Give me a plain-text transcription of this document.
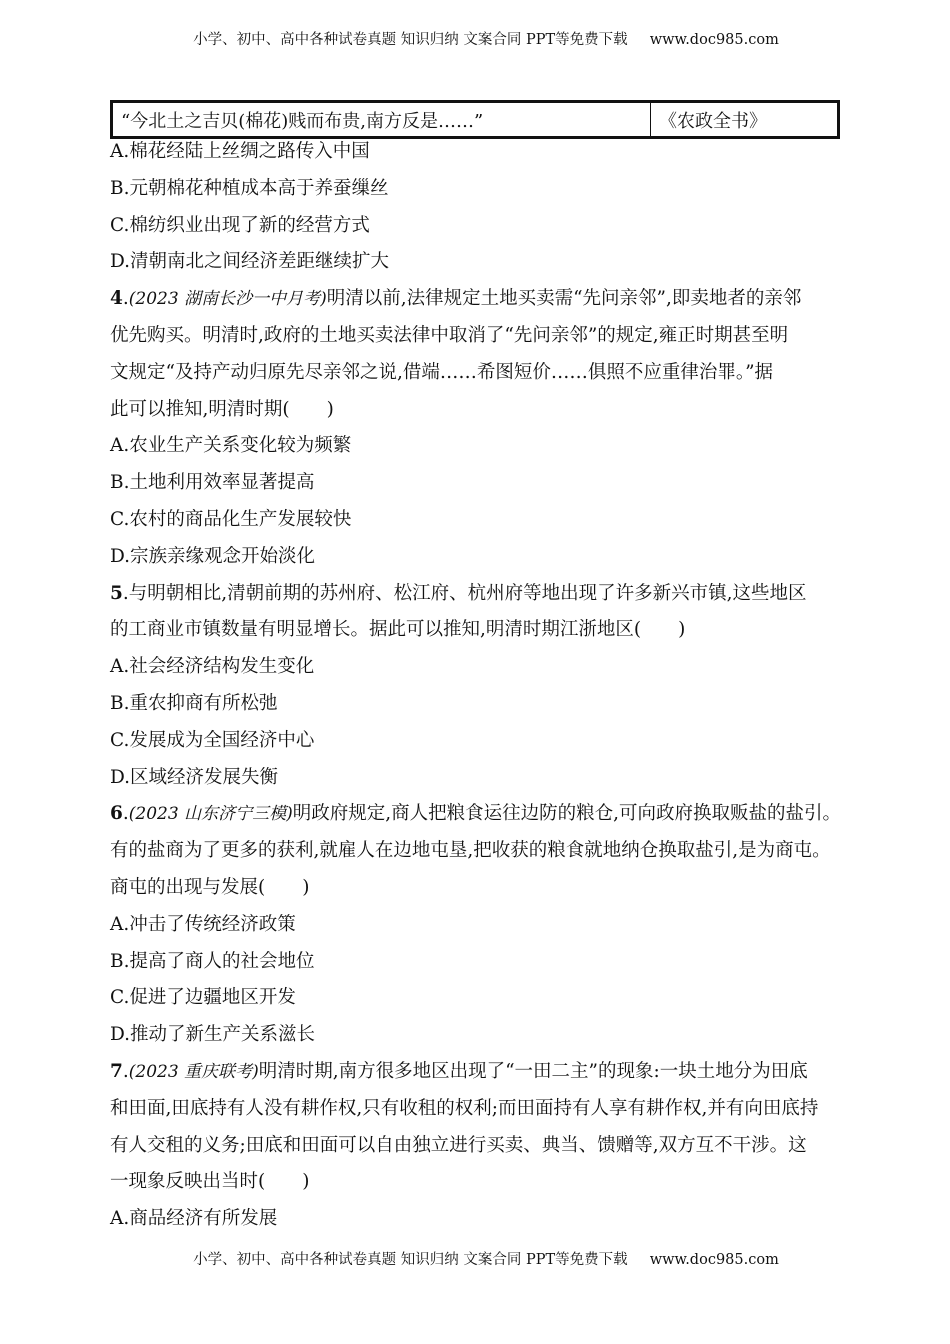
小学、初中、高中各种试卷真题 知识归纳 文案合同 PPT等免费下载 www.doc985.com
“今北土之吉贝(棉花)贱而布贵,南方反是……”	《农政全书》
A.棉花经陆上丝绸之路传入中国
B.元朝棉花种植成本高于养蚕缫丝
C.棉纺织业出现了新的经营方式
D.清朝南北之间经济差距继续扩大
4.(2023 湖南长沙一中月考)明清以前,法律规定土地买卖需“先问亲邻”,即卖地者的亲邻
优先购买。明清时,政府的土地买卖法律中取消了“先问亲邻”的规定,雍正时期甚至明
文规定“及持产动归原先尽亲邻之说,借端……希图短价……俱照不应重律治罪。”据
此可以推知,明清时期(　　)
A.农业生产关系变化较为频繁
B.土地利用效率显著提高
C.农村的商品化生产发展较快
D.宗族亲缘观念开始淡化
5.与明朝相比,清朝前期的苏州府、松江府、杭州府等地出现了许多新兴市镇,这些地区
的工商业市镇数量有明显增长。据此可以推知,明清时期江浙地区(　　)
A.社会经济结构发生变化
B.重农抑商有所松弛
C.发展成为全国经济中心
D.区域经济发展失衡
6.(2023 山东济宁三模)明政府规定,商人把粮食运往边防的粮仓,可向政府换取贩盐的盐引。
有的盐商为了更多的获利,就雇人在边地屯垦,把收获的粮食就地纳仓换取盐引,是为商屯。
商屯的出现与发展(　　)
A.冲击了传统经济政策
B.提高了商人的社会地位
C.促进了边疆地区开发
D.推动了新生产关系滋长
7.(2023 重庆联考)明清时期,南方很多地区出现了“一田二主”的现象:一块土地分为田底
和田面,田底持有人没有耕作权,只有收租的权利;而田面持有人享有耕作权,并有向田底持
有人交租的义务;田底和田面可以自由独立进行买卖、典当、馈赠等,双方互不干涉。这
一现象反映出当时(　　)
A.商品经济有所发展
小学、初中、高中各种试卷真题 知识归纳 文案合同 PPT等免费下载 www.doc985.com
